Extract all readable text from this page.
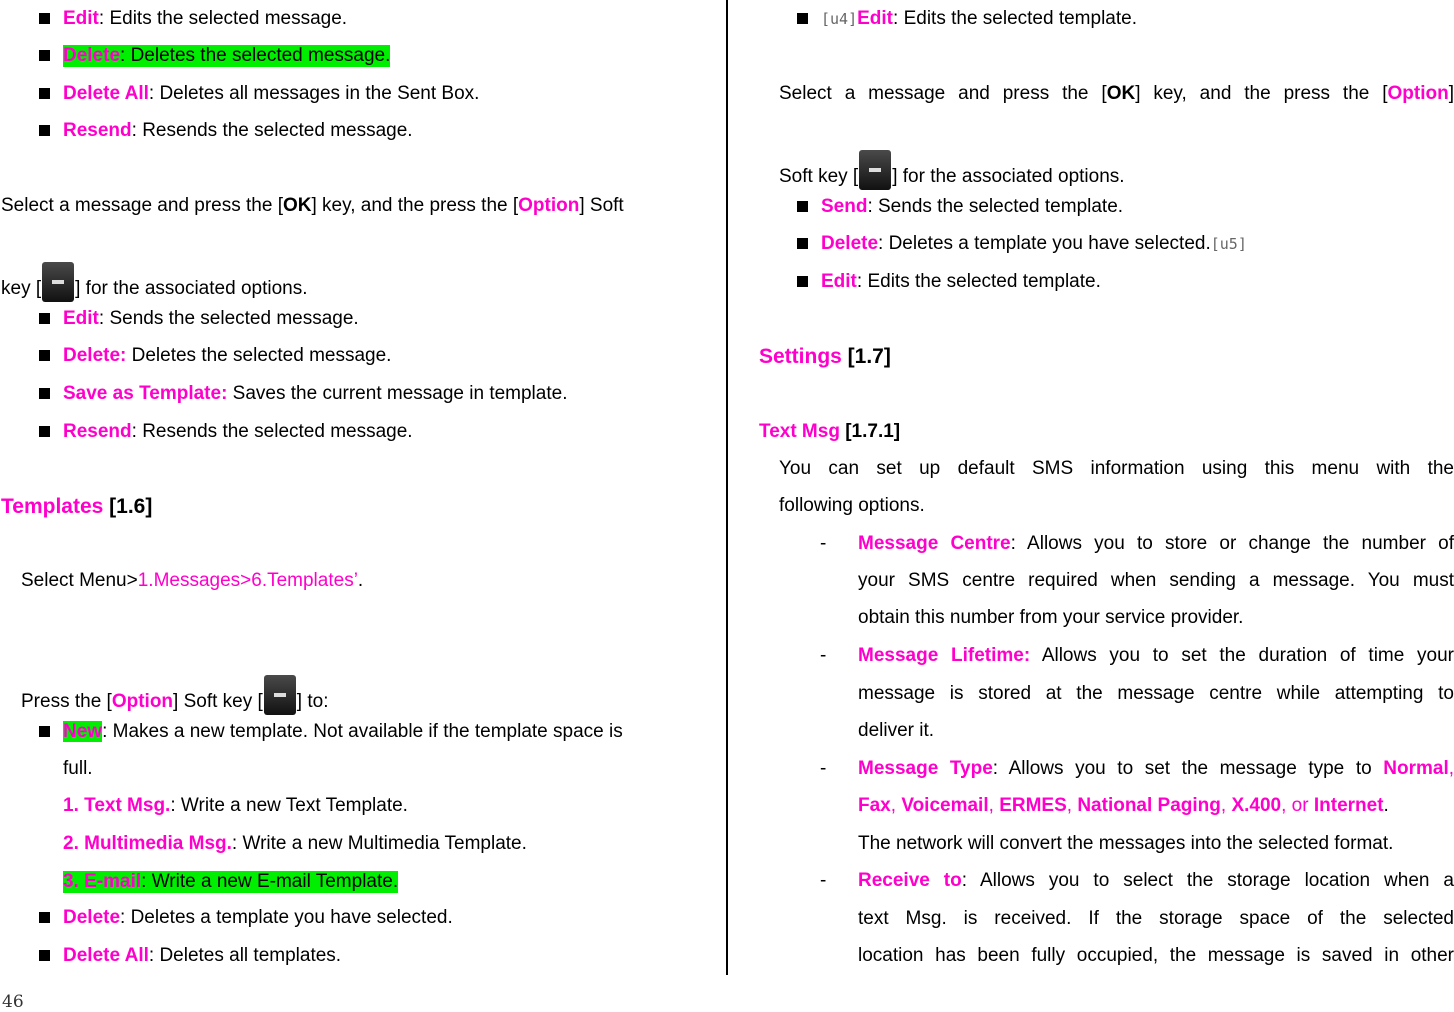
Edit: Edits the selected message.
Delete: Deletes the selected message.
Delete All: Deletes all messages in the Sent Box.
Resend: Resends the selected message.
Select a message and press the [OK] key, and the press the [Option] Soft
key [ ] for the associated options.
Edit: Sends the selected message.
Delete: Deletes the selected message.
Save as Template: Saves the current message in template.
Resend: Resends the selected message.
Templates [1.6]
Select Menu>1.Messages>6.Templates’.
Press the [Option] Soft key [ ] to:
New: Makes a new template. Not available if the template space is
full.
1. Text Msg.: Write a new Text Template.
2. Multimedia Msg.: Write a new Multimedia Template.
3. E-mail: Write a new E-mail Template.
Delete: Deletes a template you have selected.
Delete All: Deletes all templates.
[u4]Edit: Edits the selected template.
Select a message and press the [OK] key, and the press the [Option]
Soft key [ ] for the associated options.
Send: Sends the selected template.
Delete: Deletes a template you have selected.[u5]
Edit: Edits the selected template.
Settings [1.7]
Text Msg [1.7.1]
You can set up default SMS information using this menu with the
following options.
- Message Centre: Allows you to store or change the number of
your SMS centre required when sending a message. You must
obtain this number from your service provider.
- Message Lifetime: Allows you to set the duration of time your
message is stored at the message centre while attempting to
deliver it.
- Message Type: Allows you to set the message type to Normal,
Fax, Voicemail, ERMES, National Paging, X.400, or Internet.
The network will convert the messages into the selected format.
- Receive to: Allows you to select the storage location when a
text Msg. is received. If the storage space of the selected
location has been fully occupied, the message is saved in other
46
